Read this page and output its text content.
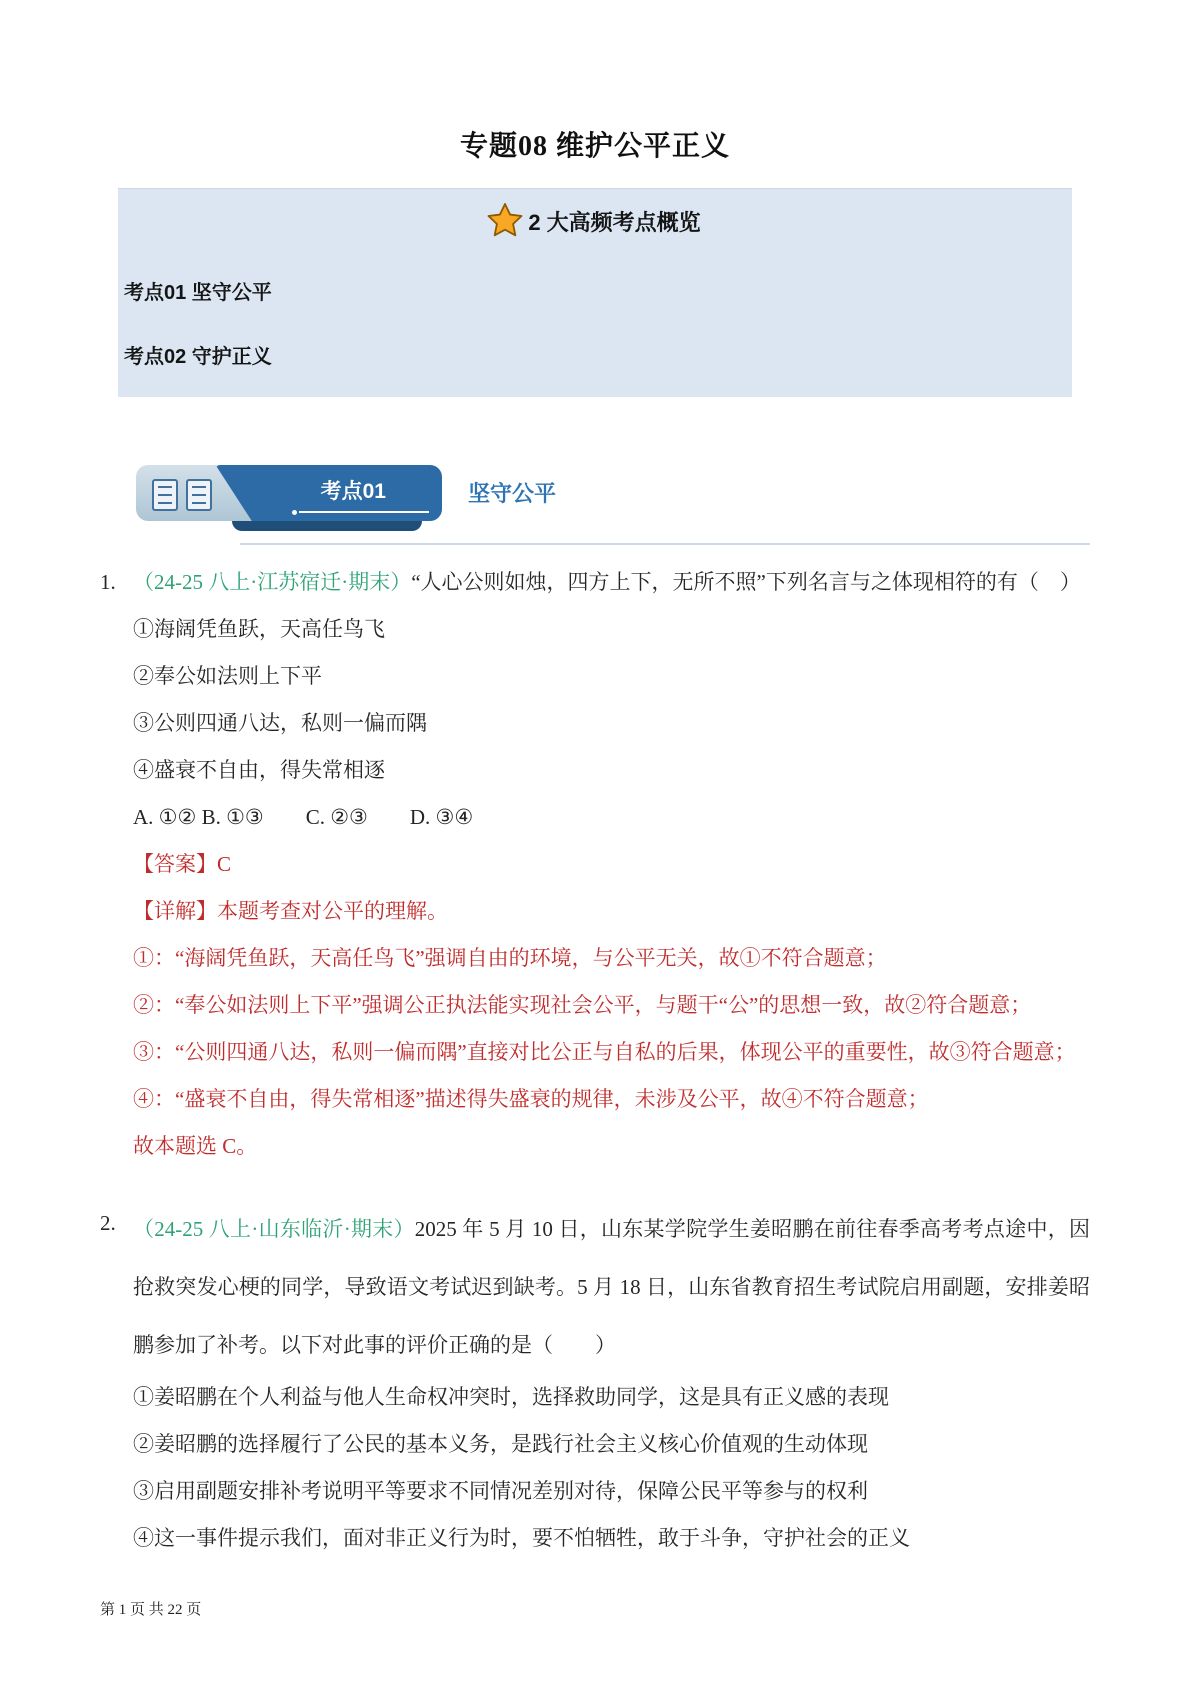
专题08 维护公平正义
2 大高频考点概览
考点01 坚守公平
考点02 守护正义
考点01	坚守公平
1. （24-25 八上·江苏宿迁·期末）“人心公则如烛，四方上下，无所不照”下列名言与之体现相符的有（　）

①海阔凭鱼跃，天高任鸟飞

②奉公如法则上下平

③公则四通八达，私则一偏而隅

④盛衰不自由，得失常相逐

A. ①② B. ①③　　C. ②③　　D. ③④

【答案】C

【详解】本题考查对公平的理解。

①：“海阔凭鱼跃，天高任鸟飞”强调自由的环境，与公平无关，故①不符合题意；

②：“奉公如法则上下平”强调公正执法能实现社会公平，与题干“公”的思想一致，故②符合题意；

③：“公则四通八达，私则一偏而隅”直接对比公正与自私的后果，体现公平的重要性，故③符合题意；

④：“盛衰不自由，得失常相逐”描述得失盛衰的规律，未涉及公平，故④不符合题意；

故本题选 C。

2. （24-25 八上·山东临沂·期末）2025 年 5 月 10 日，山东某学院学生姜昭鹏在前往春季高考考点途中，因抢救突发心梗的同学，导致语文考试迟到缺考。5 月 18 日，山东省教育招生考试院启用副题，安排姜昭鹏参加了补考。以下对此事的评价正确的是（　　）

①姜昭鹏在个人利益与他人生命权冲突时，选择救助同学，这是具有正义感的表现

②姜昭鹏的选择履行了公民的基本义务，是践行社会主义核心价值观的生动体现

③启用副题安排补考说明平等要求不同情况差别对待，保障公民平等参与的权利

④这一事件提示我们，面对非正义行为时，要不怕牺牲，敢于斗争，守护社会的正义

第 1 页 共 22 页
